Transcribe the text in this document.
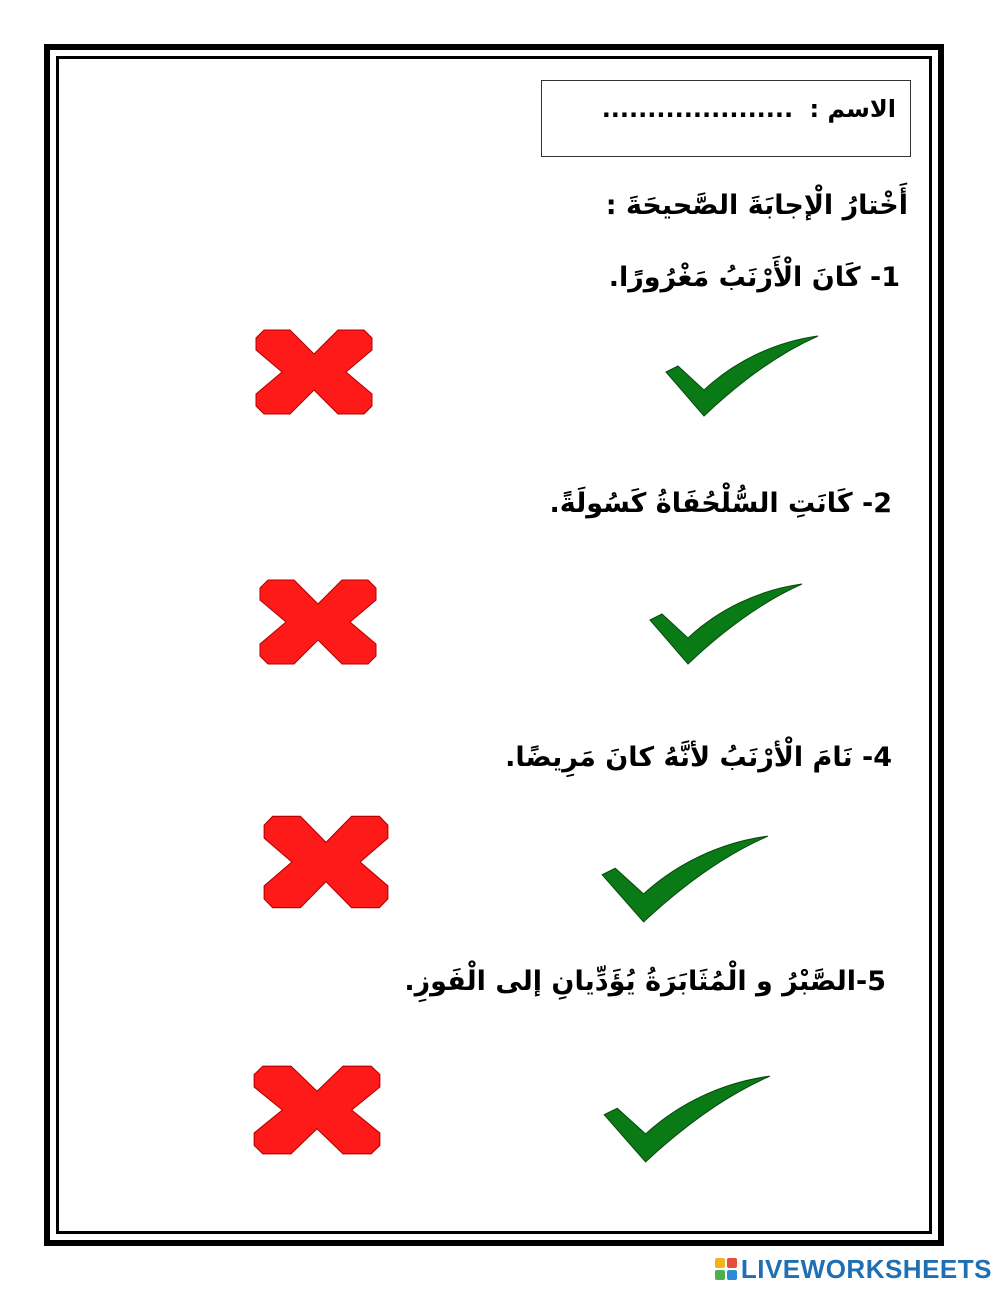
الاسم : .....................
أَخْتارُ الْإجابَةَ الصَّحيحَةَ :
1- كَانَ الْأَرْنَبُ مَغْرُورًا.
2- كَانَتِ السُّلْحُفَاةُ كَسُولَةً.
4- نَامَ الْأرْنَبُ لأنَّهُ كانَ مَرِيضًا.
5-الصَّبْرُ و الْمُثَابَرَةُ يُؤَدِّيانِ إلى الْفَوزِ.
LIVEWORKSHEETS
